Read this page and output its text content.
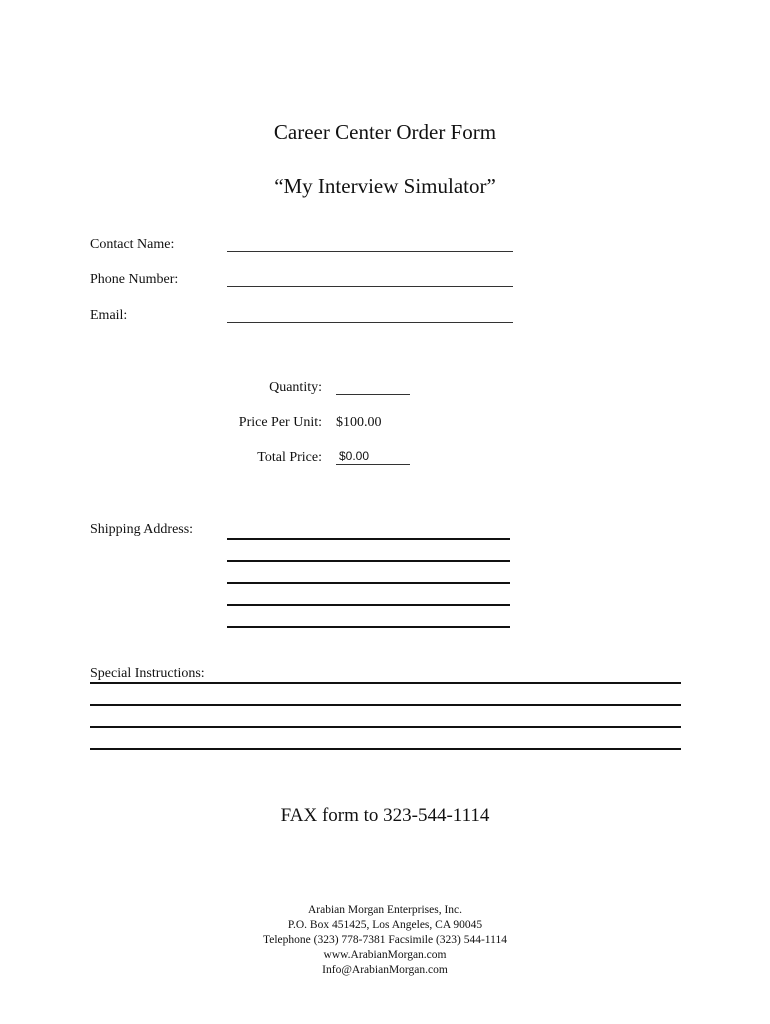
Career Center Order Form
“My Interview Simulator”
Contact Name:
Phone Number:
Email:
Quantity:
Price Per Unit: $100.00
Total Price: $0.00
Shipping Address:
Special Instructions:
FAX form to 323-544-1114
Arabian Morgan Enterprises, Inc.
P.O. Box 451425, Los Angeles, CA 90045
Telephone (323) 778-7381 Facsimile (323) 544-1114
www.ArabianMorgan.com
Info@ArabianMorgan.com
